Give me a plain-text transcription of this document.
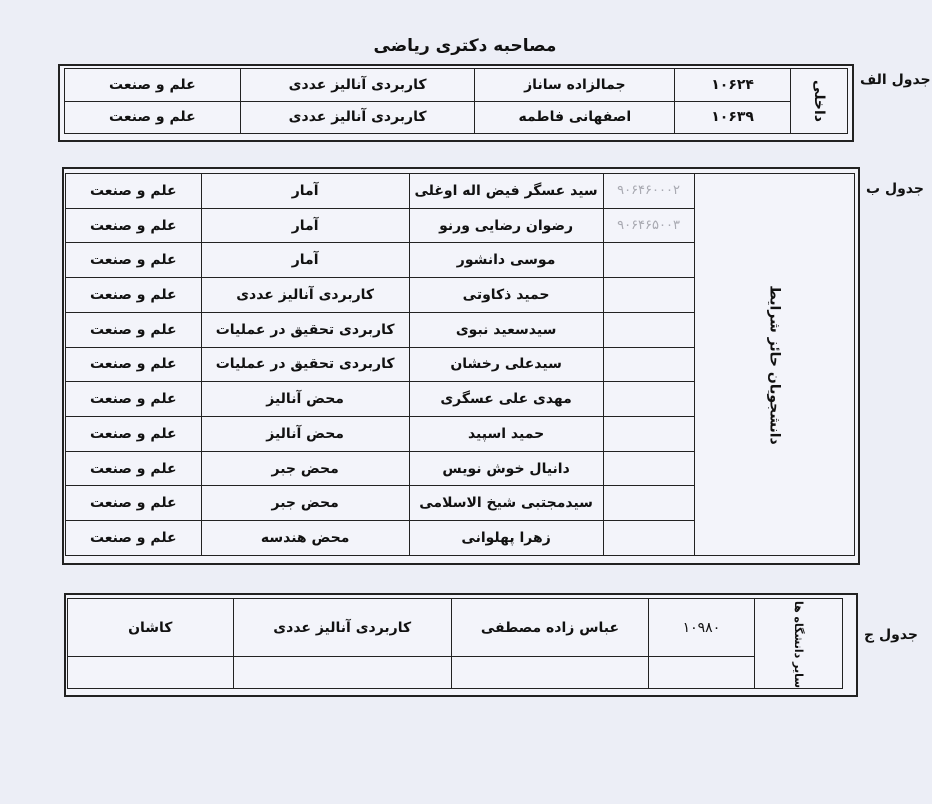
مصاحبه دکتری ریاضی
جدول الف
علم و صنعت	کاربردی آنالیز عددی	جمالزاده ساناز	۱۰۶۲۴	داخلی
علم و صنعت	کاربردی آنالیز عددی	اصفهانی فاطمه	۱۰۶۳۹	
جدول ب
علم و صنعت	آمار	سید عسگر فیض اله اوغلی	۹۰۶۴۶۰۰۰۲	دانشجویان حائز شرایط
علم و صنعت	آمار	رضوان رضایی ورنو	۹۰۶۴۶۵۰۰۳	
علم و صنعت	آمار	موسی دانشور		
علم و صنعت	کاربردی آنالیز عددی	حمید ذکاوتی		
علم و صنعت	کاربردی تحقیق در عملیات	سیدسعید نبوی		
علم و صنعت	کاربردی تحقیق در عملیات	سیدعلی رخشان		
علم و صنعت	محض آنالیز	مهدی علی عسگری		
علم و صنعت	محض آنالیز	حمید اسپید		
علم و صنعت	محض جبر	دانیال خوش نویس		
علم و صنعت	محض جبر	سیدمجتبی شیخ الاسلامی		
علم و صنعت	محض هندسه	زهرا پهلوانی		
جدول ج
کاشان	کاربردی آنالیز عددی	عباس زاده مصطفی	۱۰۹۸۰	سایر دانشگاه ها
